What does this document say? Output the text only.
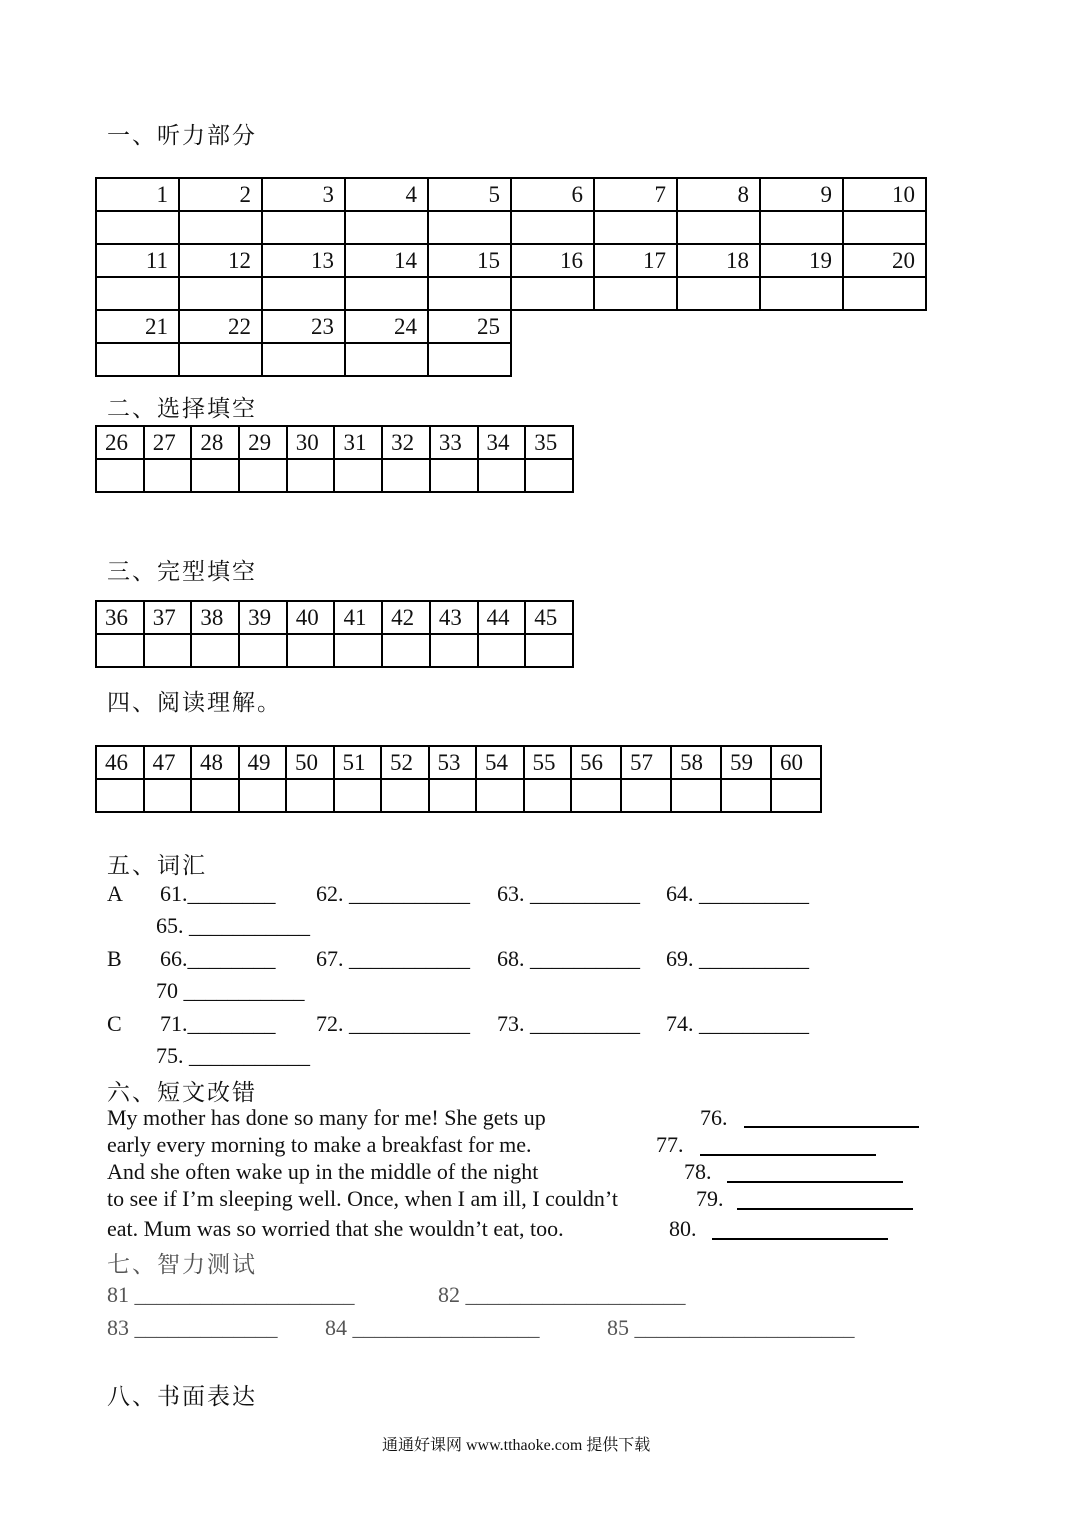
一、听力部分
1	2	3	4	5	6	7	8	9	10

11	12	13	14	15	16	17	18	19	20

21	22	23	24	25					

二、选择填空
26	27	28	29	30	31	32	33	34	35

三、完型填空
36	37	38	39	40	41	42	43	44	45

四、阅读理解。
46	47	48	49	50	51	52	53	54	55	56	57	58	59	60

五、词汇
A 61.________ 62. ___________ 63. __________ 64. __________
65. ___________
B 66.________ 67. ___________ 68. __________ 69. __________
70 ___________
C 71.________ 72. ___________ 73. __________ 74. __________
75. ___________
六、短文改错
My mother has done so many for me! She gets up	76.
early every morning to make a breakfast for me.	77.
And she often wake up in the middle of the night	78.
to see if I’m sleeping well. Once, when I am ill, I couldn’t	79.
eat. Mum was so worried that she wouldn’t eat, too.	80.
七、智力测试
81 ____________________	82 ____________________
83 _____________ 84 _________________	85 ____________________
八、书面表达
通通好课网 www.tthaoke.com 提供下载
